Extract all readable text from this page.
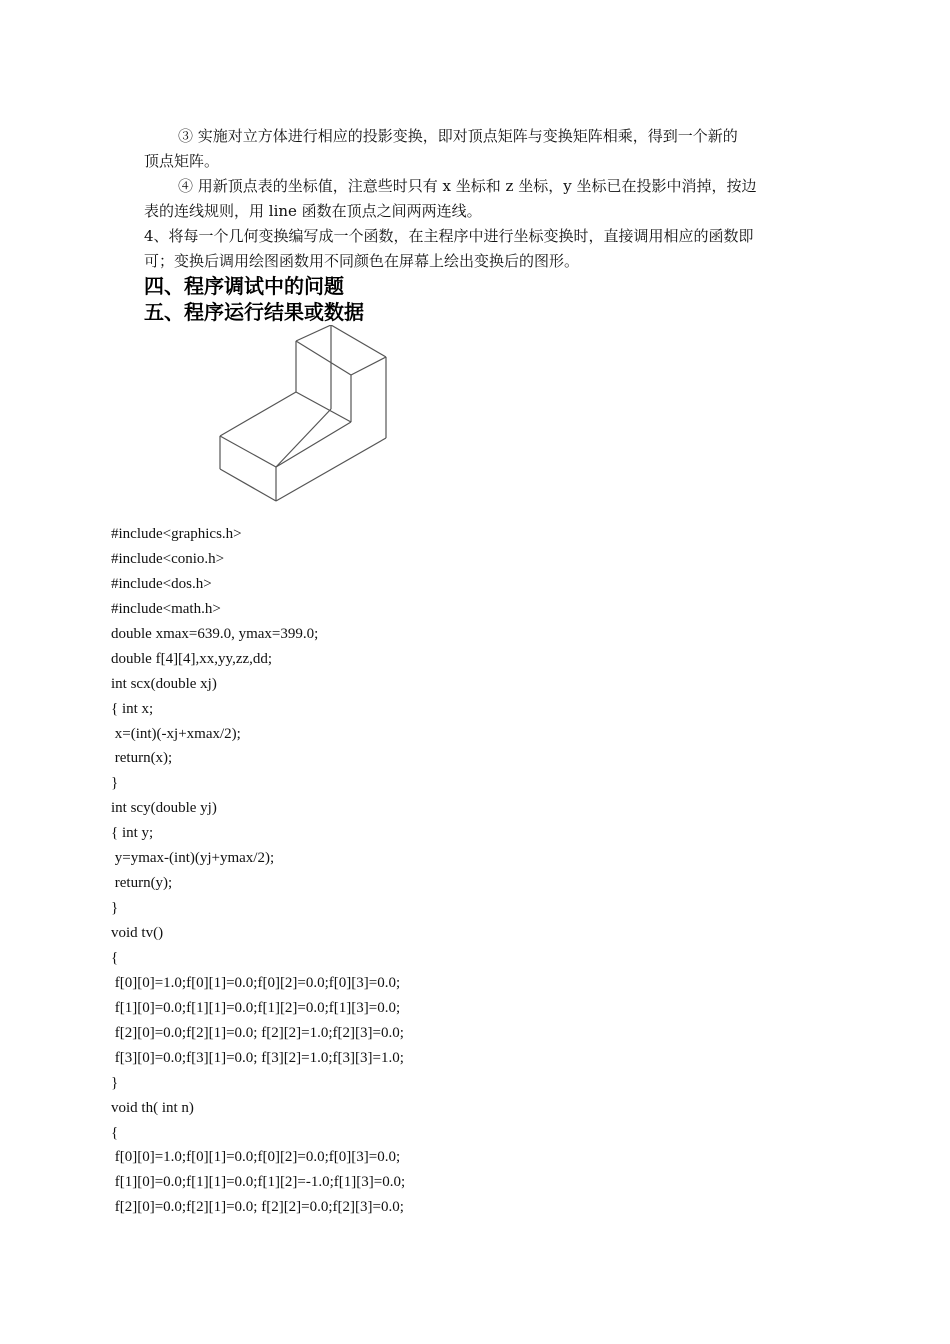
③ 实施对立方体进行相应的投影变换，即对顶点矩阵与变换矩阵相乘，得到一个新的
顶点矩阵。
④ 用新顶点表的坐标值，注意些时只有 x 坐标和 z 坐标，y 坐标已在投影中消掉，按边
表的连线规则，用 line 函数在顶点之间两两连线。
4、将每一个几何变换编写成一个函数，在主程序中进行坐标变换时，直接调用相应的函数即
可；变换后调用绘图函数用不同颜色在屏幕上绘出变换后的图形。
四、程序调试中的问题
五、程序运行结果或数据
#include<graphics.h>
#include<conio.h>
#include<dos.h>
#include<math.h>
double xmax=639.0, ymax=399.0;
double f[4][4],xx,yy,zz,dd;
int scx(double xj)
{ int x;
x=(int)(-xj+xmax/2);
return(x);
}
int scy(double yj)
{ int y;
y=ymax-(int)(yj+ymax/2);
return(y);
}
void tv()
{
f[0][0]=1.0;f[0][1]=0.0;f[0][2]=0.0;f[0][3]=0.0;
f[1][0]=0.0;f[1][1]=0.0;f[1][2]=0.0;f[1][3]=0.0;
f[2][0]=0.0;f[2][1]=0.0; f[2][2]=1.0;f[2][3]=0.0;
f[3][0]=0.0;f[3][1]=0.0; f[3][2]=1.0;f[3][3]=1.0;
}
void th( int n)
{
f[0][0]=1.0;f[0][1]=0.0;f[0][2]=0.0;f[0][3]=0.0;
f[1][0]=0.0;f[1][1]=0.0;f[1][2]=-1.0;f[1][3]=0.0;
f[2][0]=0.0;f[2][1]=0.0; f[2][2]=0.0;f[2][3]=0.0;
